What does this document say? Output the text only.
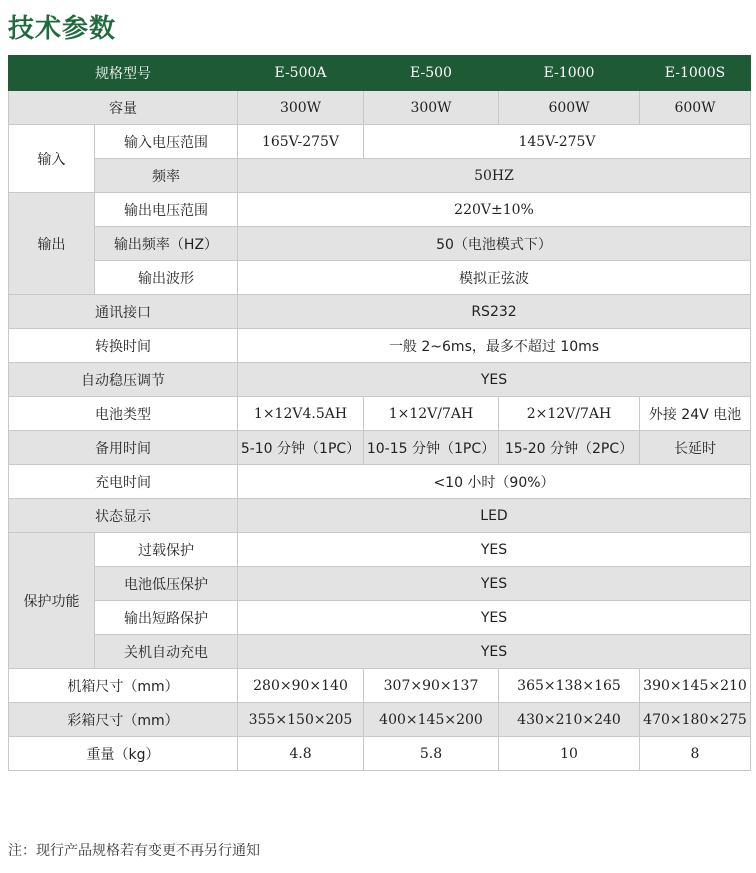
技术参数
规格型号		E-500A	E-500	E-1000	E-1000S
容量		300W	300W	600W	600W
输入	输入电压范围	165V-275V	145V-275V		
	频率	50HZ			
输出	输出电压范围	220V±10%			
	输出频率（HZ）	50（电池模式下）			
	输出波形	模拟正弦波			
通讯接口		RS232			
转换时间		一般 2~6ms，最多不超过 10ms			
自动稳压调节		YES			
电池类型		1×12V4.5AH	1×12V/7AH	2×12V/7AH	外接 24V 电池
备用时间		5-10 分钟（1PC）	10-15 分钟（1PC）	15-20 分钟（2PC）	长延时
充电时间		<10 小时（90%）			
状态显示		LED			
保护功能	过载保护	YES			
	电池低压保护	YES			
	输出短路保护	YES			
	关机自动充电	YES			
机箱尺寸（mm）		280×90×140	307×90×137	365×138×165	390×145×210
彩箱尺寸（mm）		355×150×205	400×145×200	430×210×240	470×180×275
重量（kg）		4.8	5.8	10	8
注：现行产品规格若有变更不再另行通知
